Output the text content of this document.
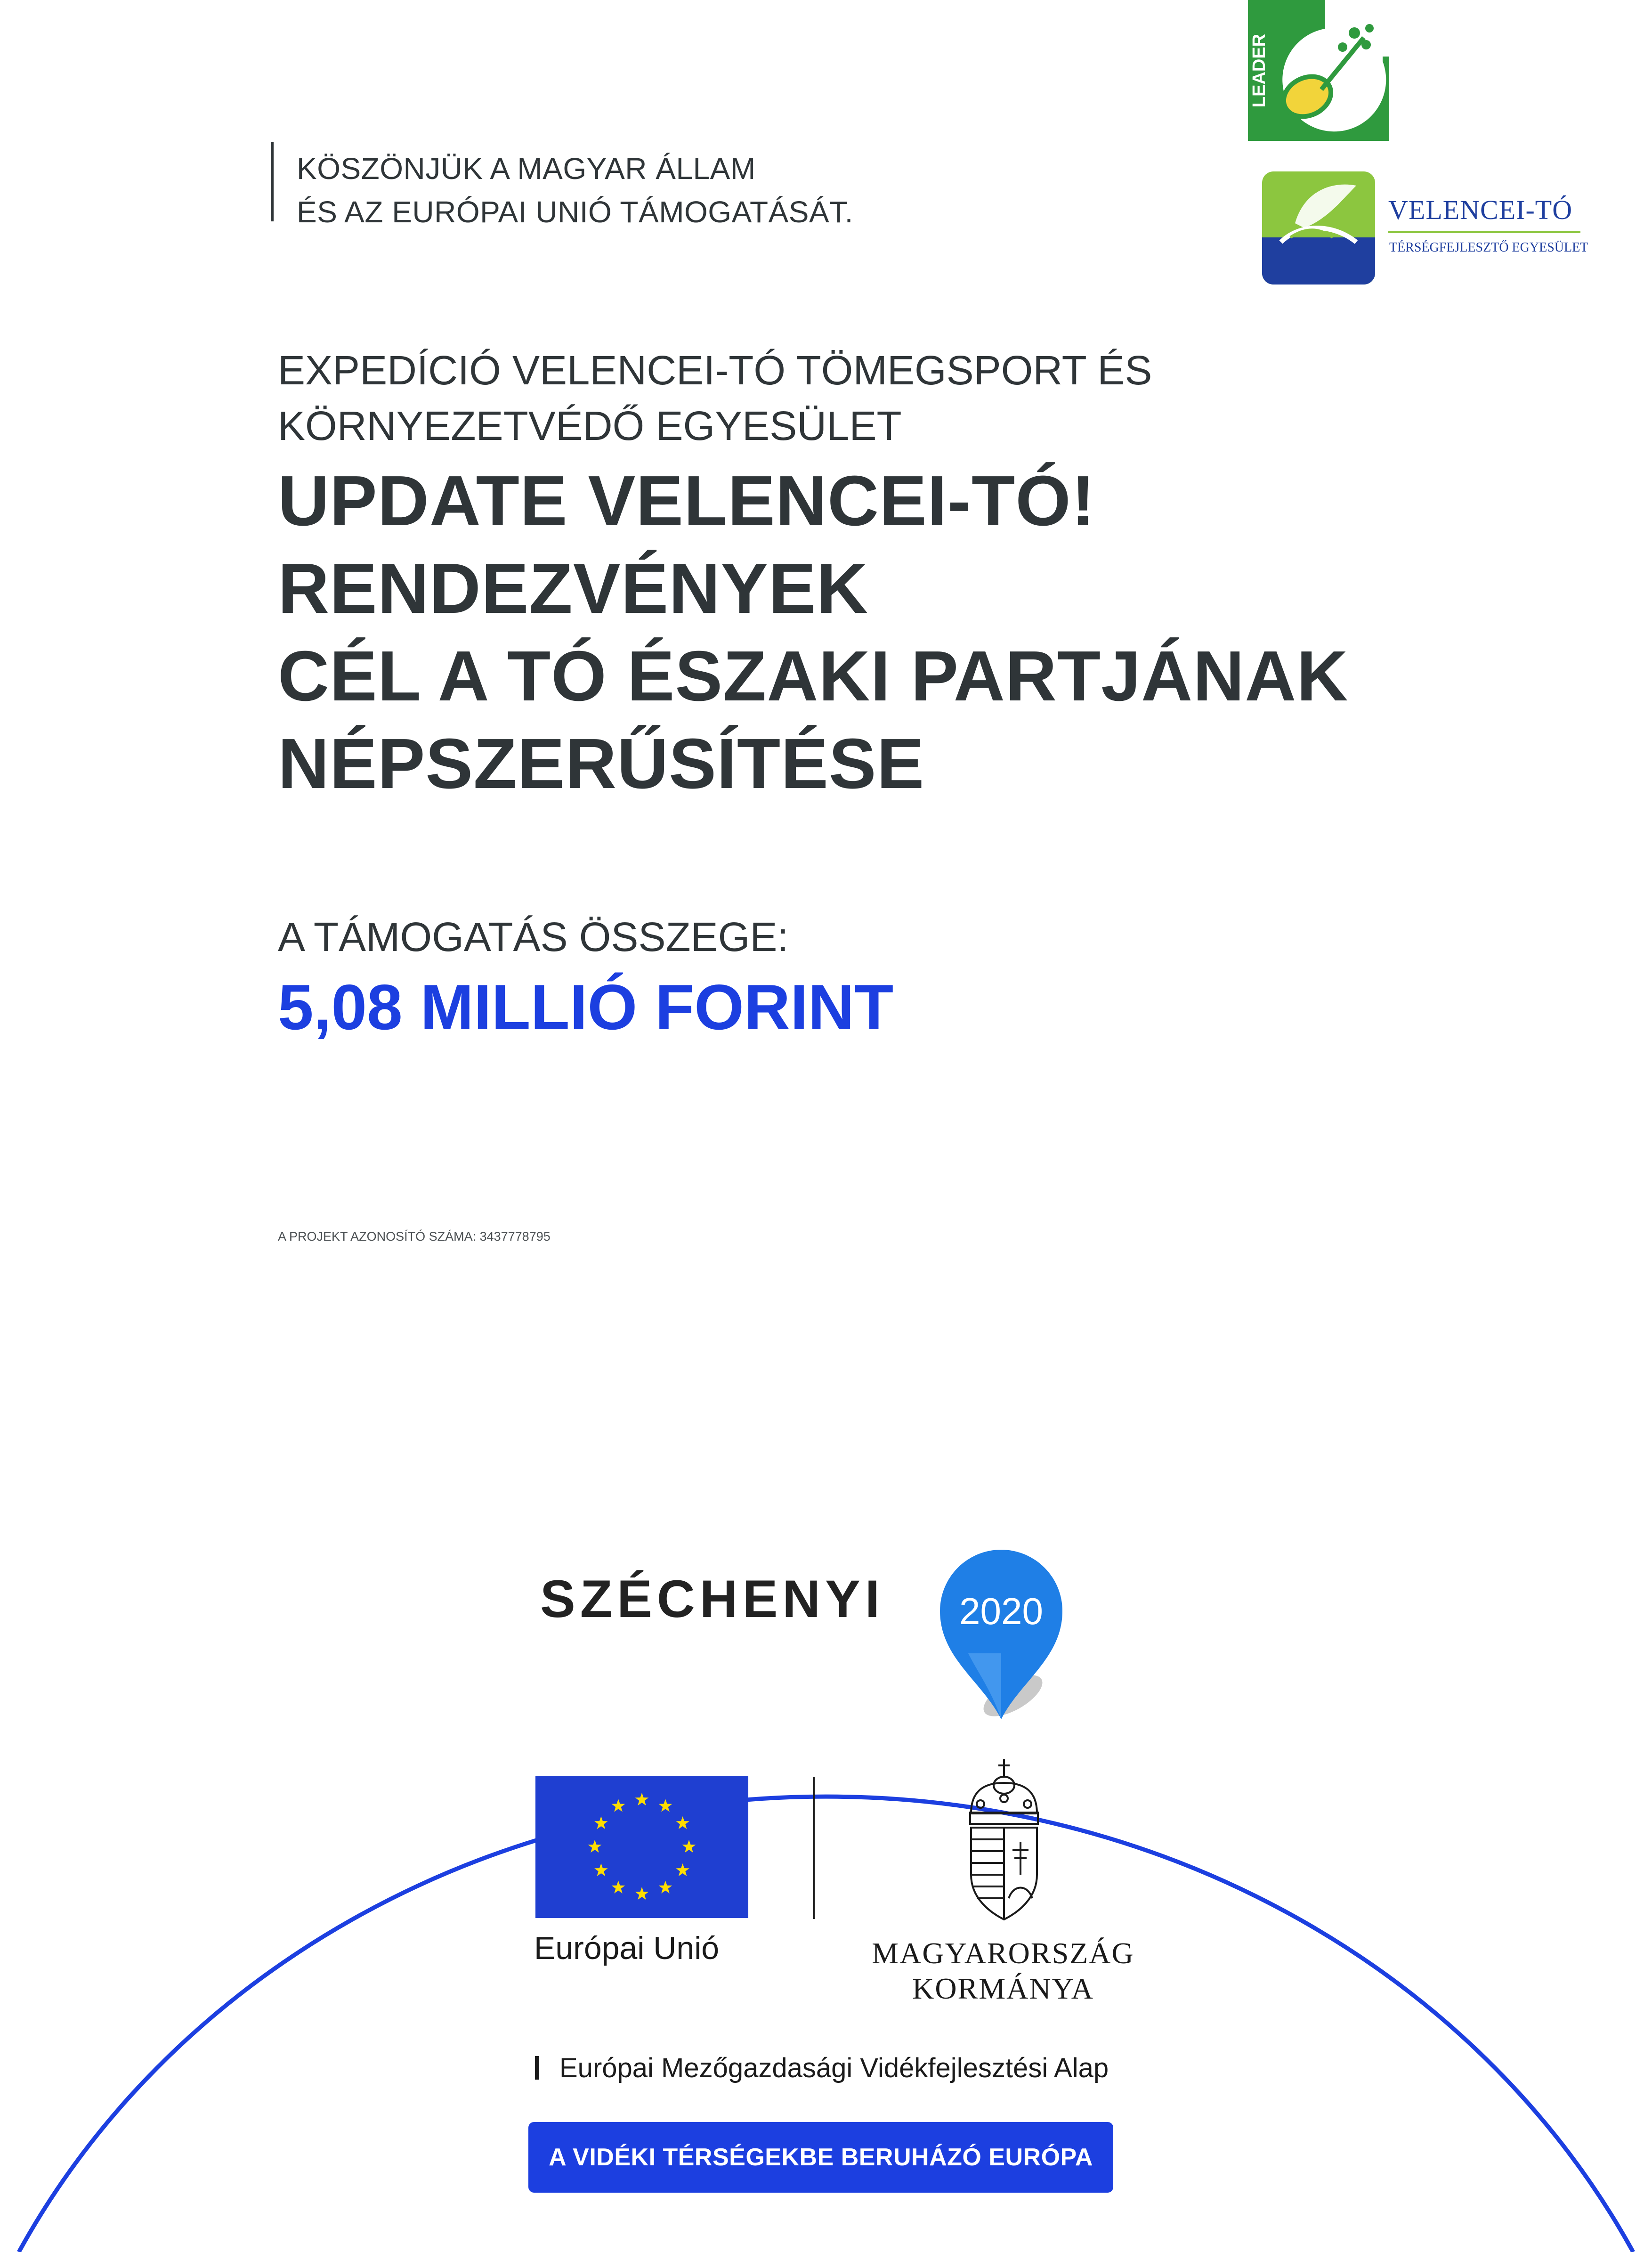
KÖSZÖNJÜK A MAGYAR ÁLLAM
ÉS AZ EURÓPAI UNIÓ TÁMOGATÁSÁT.
LEADER
VELENCEI-TÓ
TÉRSÉGFEJLESZTŐ EGYESÜLET
EXPEDÍCIÓ VELENCEI-TÓ TÖMEGSPORT ÉS
KÖRNYEZETVÉDŐ EGYESÜLET
UPDATE VELENCEI-TÓ!
RENDEZVÉNYEK
CÉL A TÓ ÉSZAKI PARTJÁNAK
NÉPSZERŰSÍTÉSE
A TÁMOGATÁS ÖSSZEGE:
5,08 MILLIÓ FORINT
A PROJEKT AZONOSÍTÓ SZÁMA: 3437778795
SZÉCHENYI 2020
Európai Unió	MAGYARORSZÁG
KORMÁNYA
Európai Mezőgazdasági Vidékfejlesztési Alap
A VIDÉKI TÉRSÉGEKBE BERUHÁZÓ EURÓPA
